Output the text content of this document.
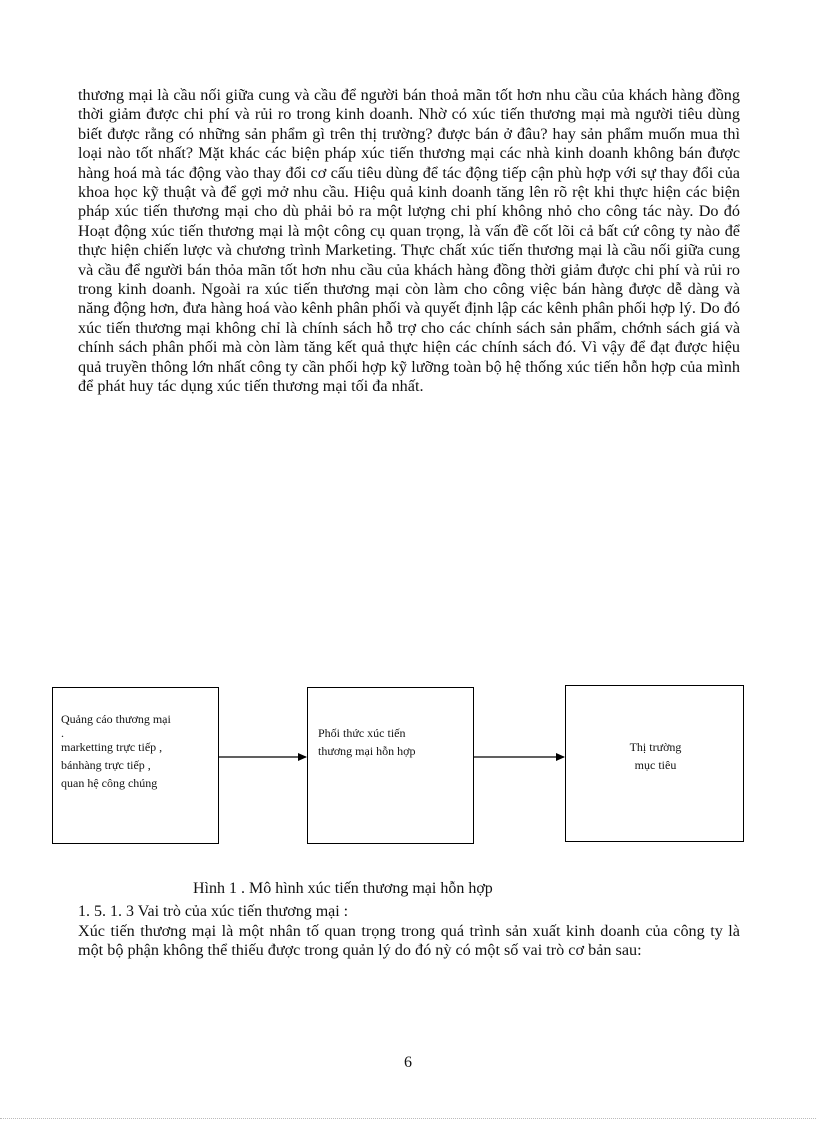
thương mại là cầu nối giữa cung và cầu để người bán thoả mãn tốt hơn nhu cầu của khách hàng đồng thời giảm được chi phí và rủi ro trong kinh doanh. Nhờ có xúc tiến thương mại mà người tiêu dùng biết được rằng có những sản phẩm gì trên thị trường? được bán ở đâu? hay sản phẩm muốn mua thì loại nào tốt nhất? Mặt khác các biện pháp xúc tiến thương mại các nhà kinh doanh không bán được hàng hoá mà tác động vào thay đổi cơ cấu tiêu dùng để tác động tiếp cận phù hợp với sự thay đổi của khoa học kỹ thuật và để gợi mở nhu cầu. Hiệu quả kinh doanh tăng lên rõ rệt khi thực hiện các biện pháp xúc tiến thương mại cho dù phải bỏ ra một lượng chi phí không nhỏ cho công tác này. Do đó Hoạt động xúc tiến thương mại là một công cụ quan trọng, là vấn đề cốt lõi cả bất cứ công ty nào để thực hiện chiến lược và chương trình Marketing. Thực chất xúc tiến thương mại là cầu nối giữa cung và cầu để người bán thỏa mãn tốt hơn nhu cầu của khách hàng đồng thời giảm được chi phí và rủi ro trong kinh doanh. Ngoài ra xúc tiến thương mại còn làm cho công việc bán hàng được dễ dàng và năng động hơn, đưa hàng hoá vào kênh phân phối và quyết định lập các kênh phân phối hợp lý. Do đó xúc tiến thương mại không chỉ là chính sách hỗ trợ cho các chính sách sản phẩm, chớnh sách giá và chính sách phân phối mà còn làm tăng kết quả thực hiện các chính sách đó. Vì vậy để đạt được hiệu quả truyền thông lớn nhất công ty cần phối hợp kỹ lưỡng toàn bộ hệ thống xúc tiến hỗn hợp của mình để phát huy tác dụng xúc tiến thương mại tối đa nhất.

Quảng cáo thương mại
.
marketting trực tiếp ,
bánhàng trực tiếp ,
quan hệ công chúng
Phối thức xúc tiến
thương mại hỗn hợp	Thị trường
mục tiêu

Hình 1 . Mô hình xúc tiến thương mại hỗn hợp

1. 5. 1. 3 Vai trò của xúc tiến thương mại :

Xúc tiến thương mại là một nhân tố quan trọng trong quá trình sản xuất kinh doanh của công ty là một bộ phận không thể thiếu được trong quản lý do đó nỳ có một số vai trò cơ bản sau:

6
